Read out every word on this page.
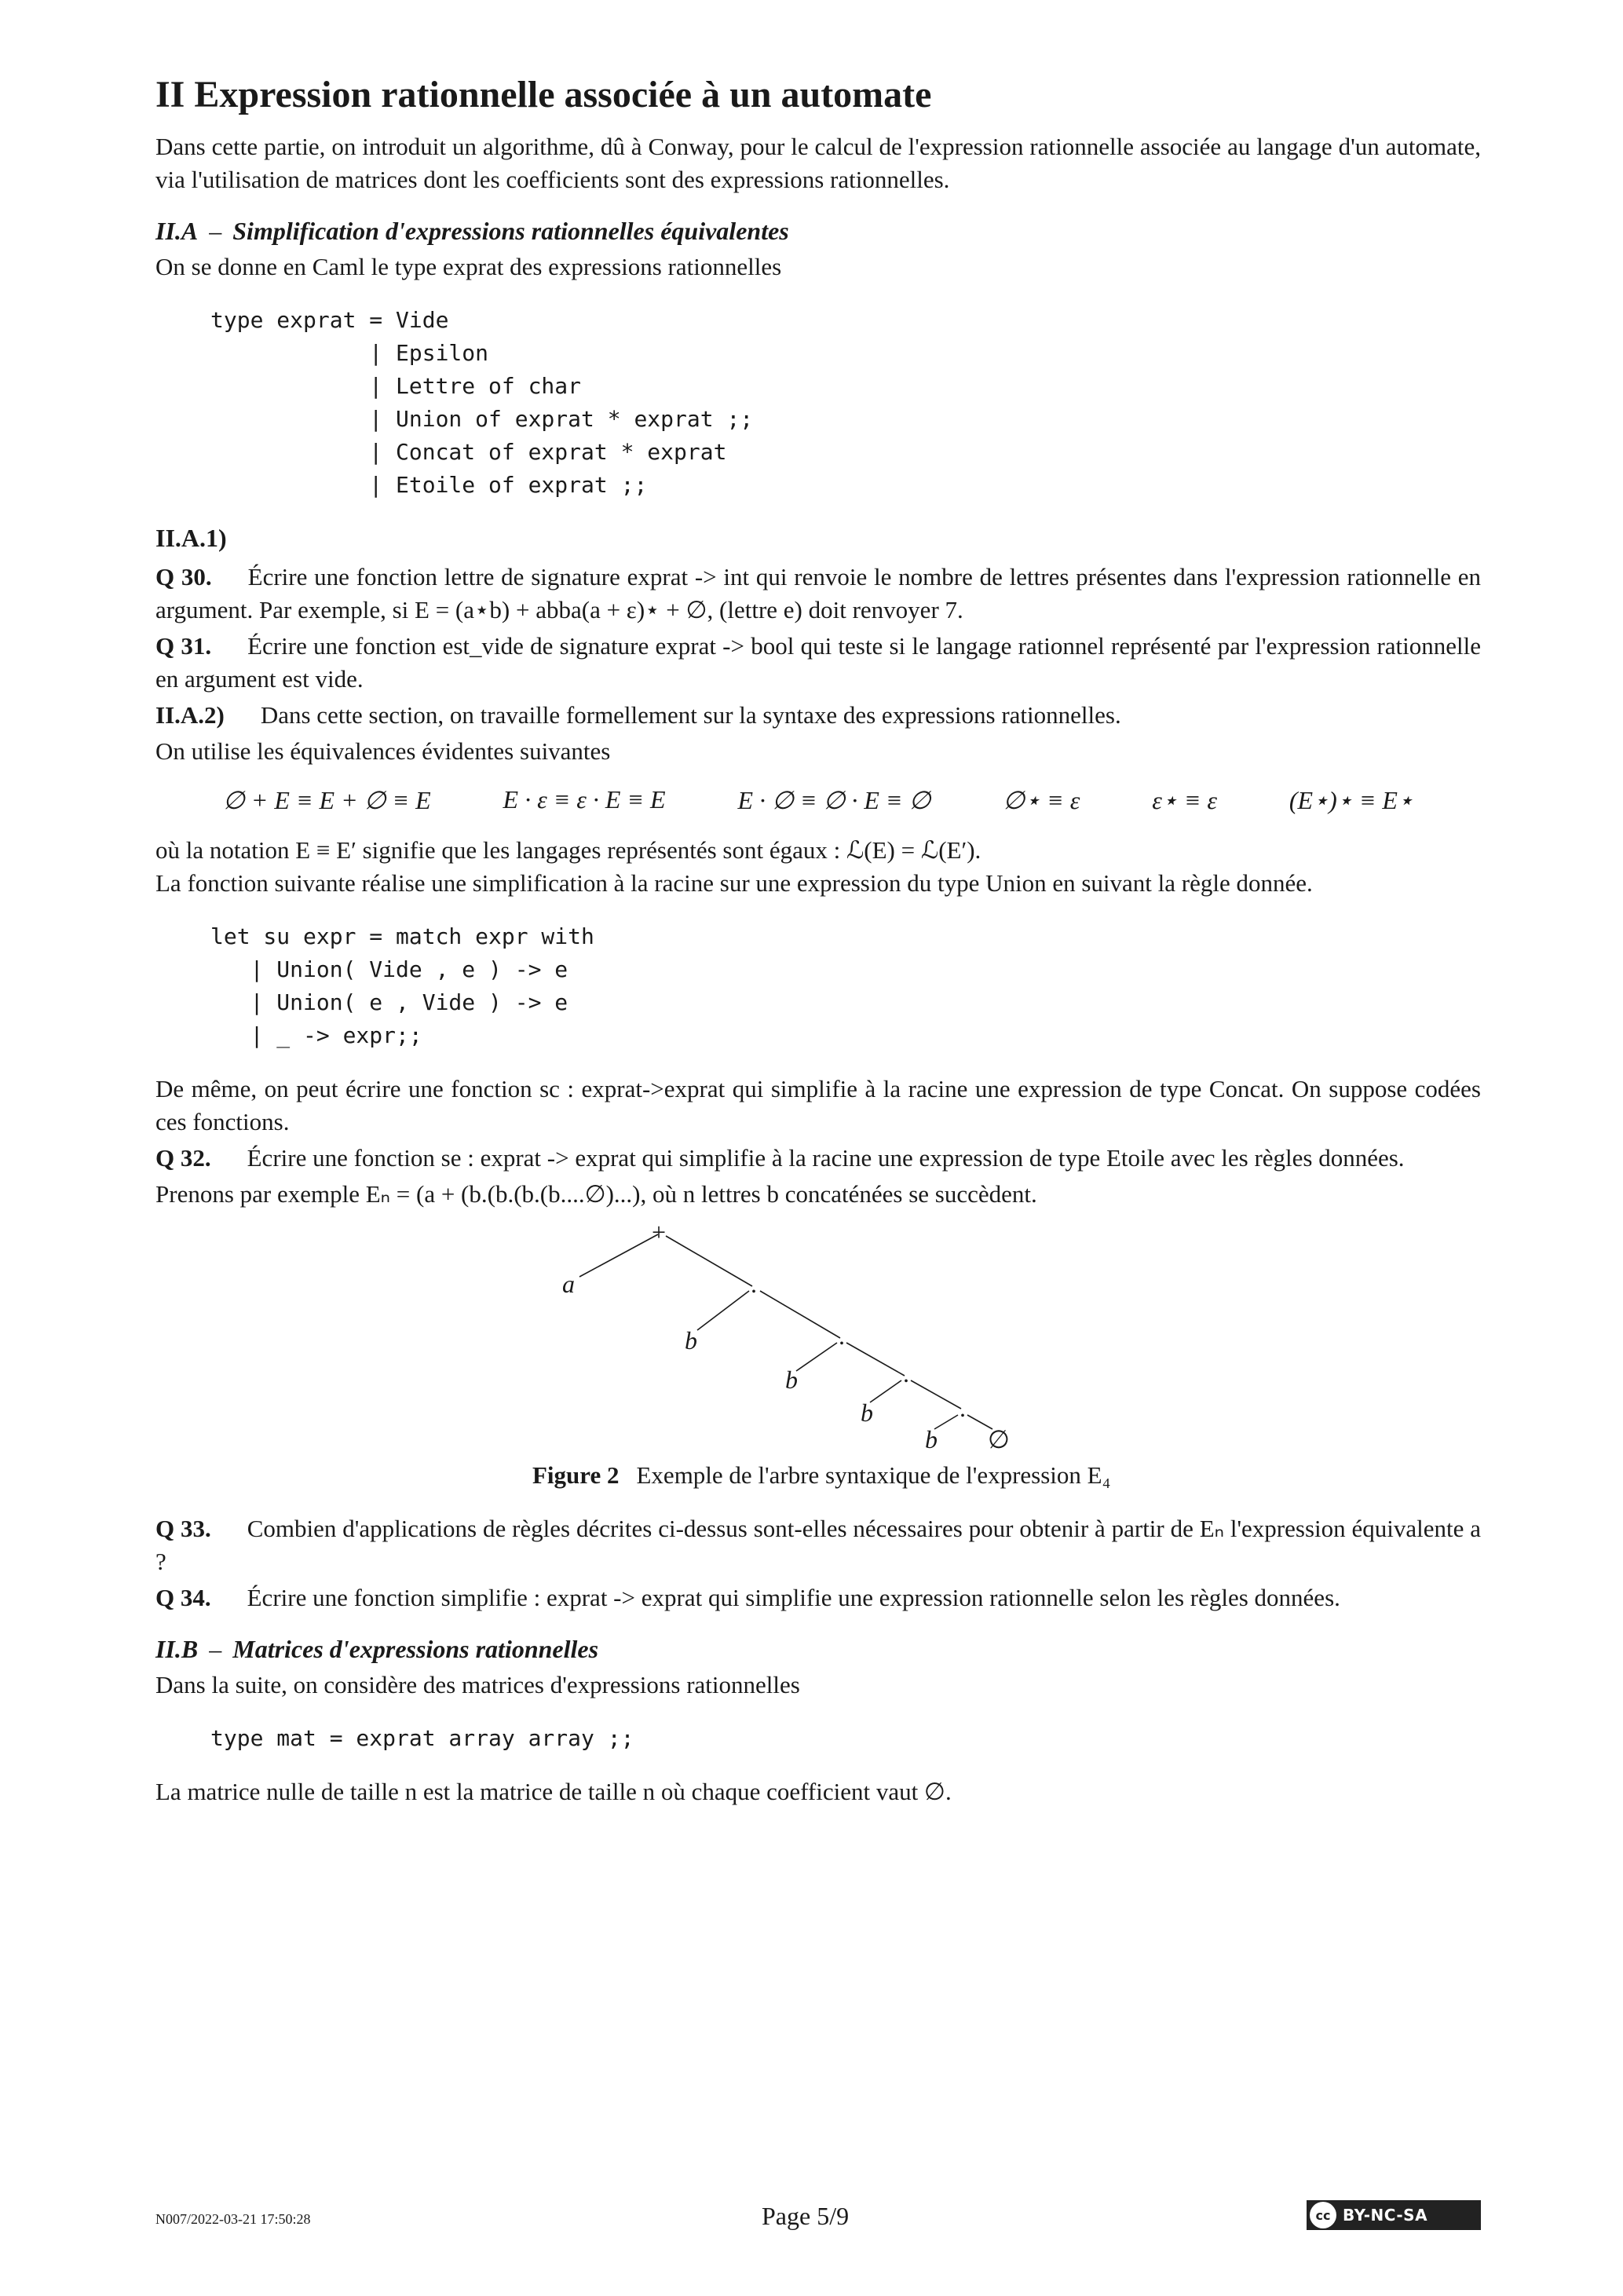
II Expression rationnelle associée à un automate

Dans cette partie, on introduit un algorithme, dû à Conway, pour le calcul de l'expression rationnelle associée au langage d'un automate, via l'utilisation de matrices dont les coefficients sont des expressions rationnelles.

II.A – Simplification d'expressions rationnelles équivalentes

On se donne en Caml le type exprat des expressions rationnelles

type exprat = Vide
| Epsilon
| Lettre of char
| Union of exprat * exprat ;;
| Concat of exprat * exprat
| Etoile of exprat ;;
II.A.1)
Q 30. Écrire une fonction lettre de signature exprat -> int qui renvoie le nombre de lettres présentes dans l'expression rationnelle en argument. Par exemple, si E = (a⋆b) + abba(a + ε)⋆ + ∅, (lettre e) doit renvoyer 7.
Q 31. Écrire une fonction est_vide de signature exprat -> bool qui teste si le langage rationnel représenté par l'expression rationnelle en argument est vide.
II.A.2) Dans cette section, on travaille formellement sur la syntaxe des expressions rationnelles.

On utilise les équivalences évidentes suivantes

∅ + E ≡ E + ∅ ≡ E	E · ε ≡ ε · E ≡ E	E · ∅ ≡ ∅ · E ≡ ∅	∅⋆ ≡ ε	ε⋆ ≡ ε	(E⋆)⋆ ≡ E⋆

où la notation E ≡ E′ signifie que les langages représentés sont égaux : ℒ(E) = ℒ(E′).

La fonction suivante réalise une simplification à la racine sur une expression du type Union en suivant la règle donnée.

let su expr = match expr with
| Union( Vide , e ) -> e
| Union( e , Vide ) -> e
| _ -> expr;;

De même, on peut écrire une fonction sc : exprat->exprat qui simplifie à la racine une expression de type Concat. On suppose codées ces fonctions.

Q 32. Écrire une fonction se : exprat -> exprat qui simplifie à la racine une expression de type Etoile avec les règles données.

Prenons par exemple Eₙ = (a + (b.(b.(b.(b....∅)...), où n lettres b concaténées se succèdent.

+
a	.
b	.
b	.
b	.
b ∅
Figure 2 Exemple de l'arbre syntaxique de l'expression E₄
Q 33. Combien d'applications de règles décrites ci-dessus sont-elles nécessaires pour obtenir à partir de Eₙ l'expression équivalente a ?
Q 34. Écrire une fonction simplifie : exprat -> exprat qui simplifie une expression rationnelle selon les règles données.
II.B – Matrices d'expressions rationnelles

Dans la suite, on considère des matrices d'expressions rationnelles

type mat = exprat array array ;;

La matrice nulle de taille n est la matrice de taille n où chaque coefficient vaut ∅.

N007/2022-03-21 17:50:28	Page 5/9	cc BY-NC-SA
